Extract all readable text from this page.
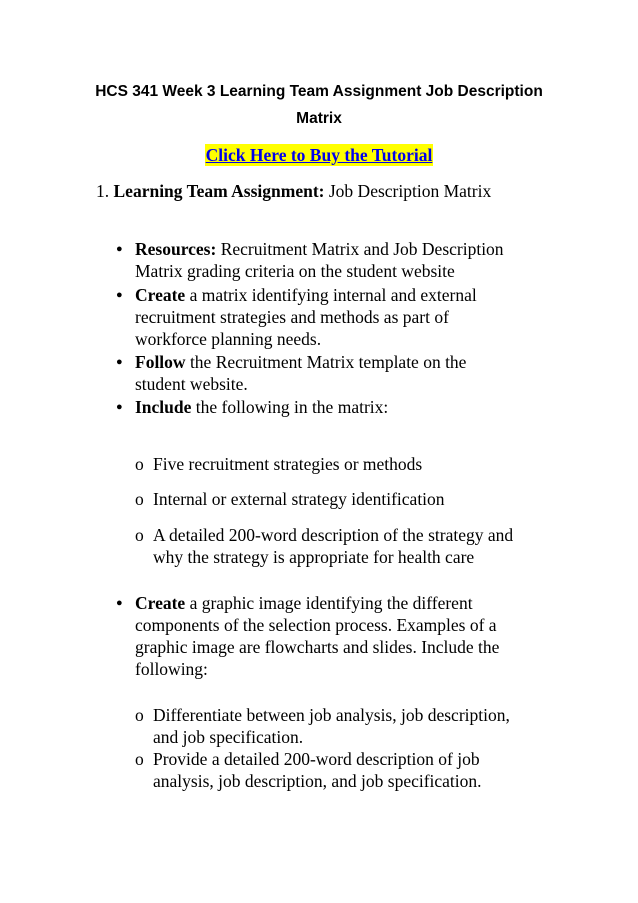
HCS 341 Week 3 Learning Team Assignment Job Description
Matrix
Click Here to Buy the Tutorial
1. Learning Team Assignment: Job Description Matrix
● Resources: Recruitment Matrix and Job Description
Matrix grading criteria on the student website
● Create a matrix identifying internal and external
recruitment strategies and methods as part of
workforce planning needs.
● Follow the Recruitment Matrix template on the
student website.
● Include the following in the matrix:
o Five recruitment strategies or methods
o Internal or external strategy identification
o A detailed 200-word description of the strategy and
why the strategy is appropriate for health care
● Create a graphic image identifying the different
components of the selection process. Examples of a
graphic image are flowcharts and slides. Include the
following:
o Differentiate between job analysis, job description,
and job specification.
o Provide a detailed 200-word description of job
analysis, job description, and job specification.
